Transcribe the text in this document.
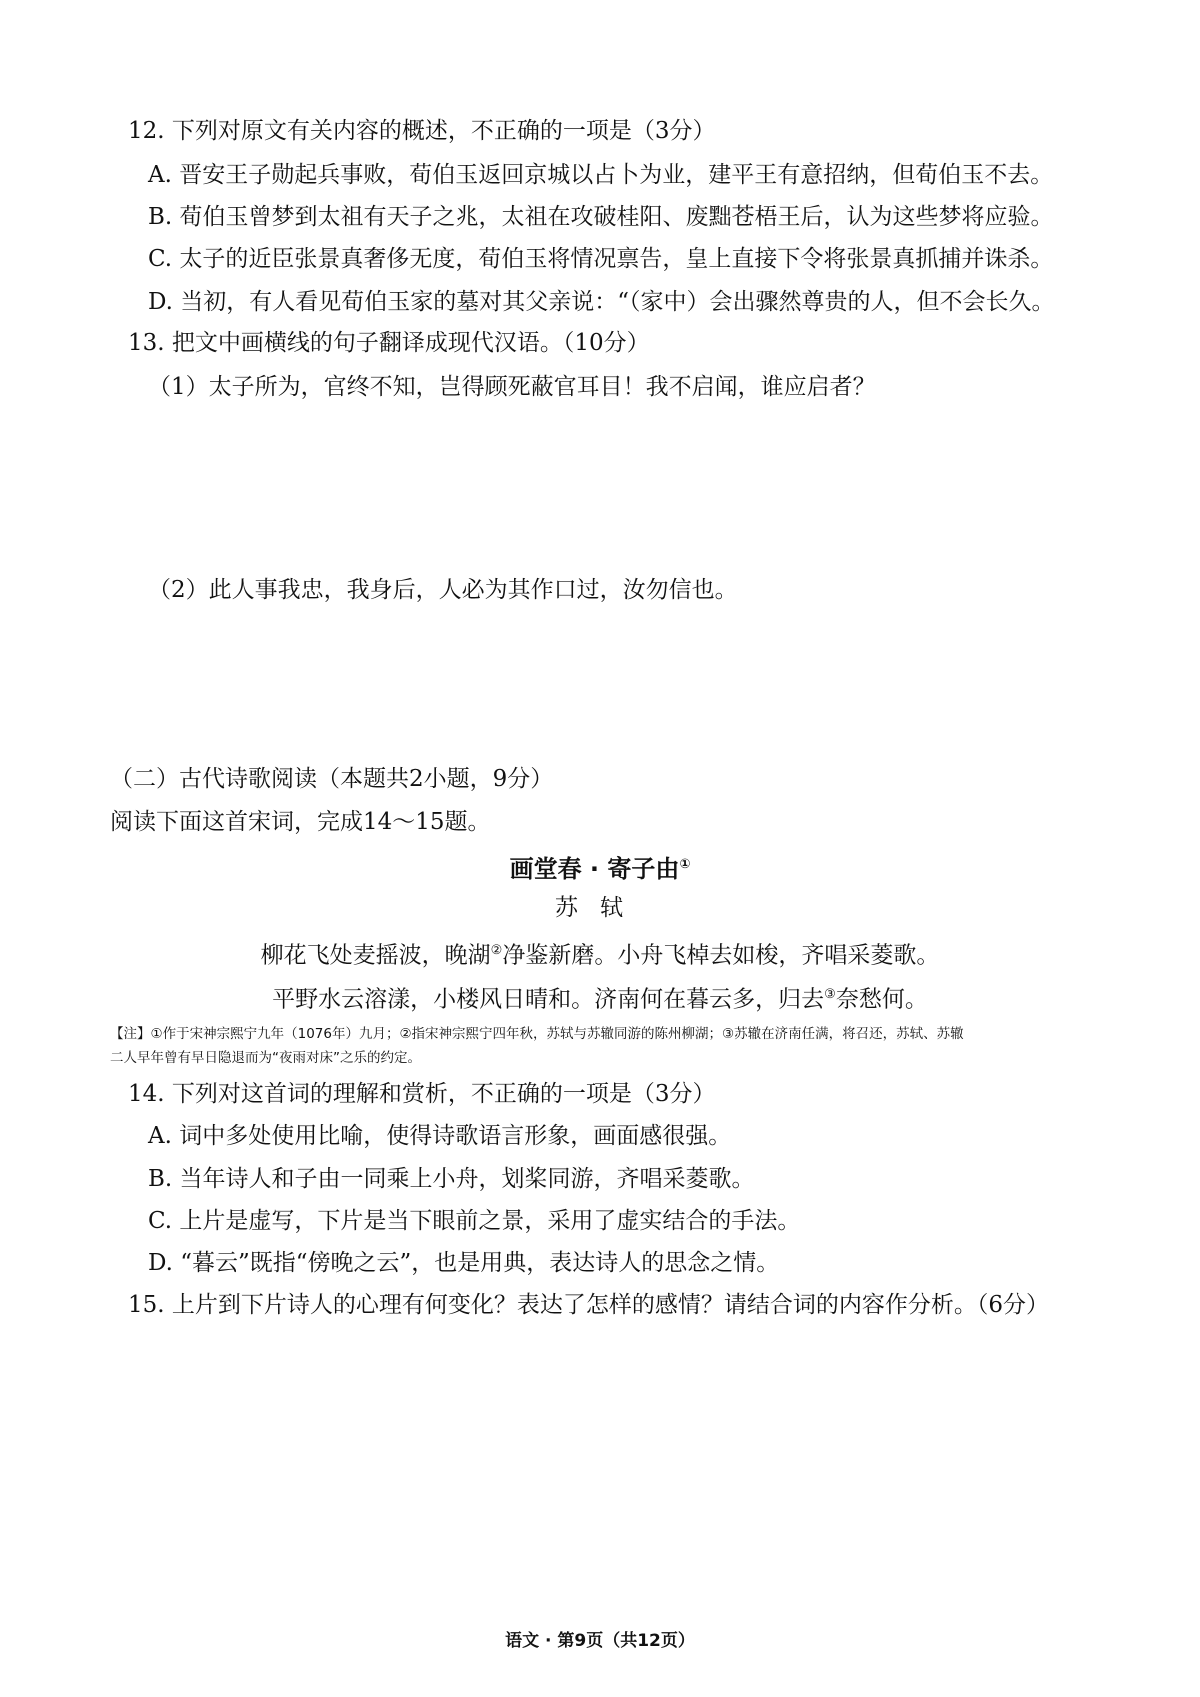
12. 下列对原文有关内容的概述，不正确的一项是（3分）
A. 晋安王子勋起兵事败，荀伯玉返回京城以占卜为业，建平王有意招纳，但荀伯玉不去。
B. 荀伯玉曾梦到太祖有天子之兆，太祖在攻破桂阳、废黜苍梧王后，认为这些梦将应验。
C. 太子的近臣张景真奢侈无度，荀伯玉将情况禀告，皇上直接下令将张景真抓捕并诛杀。
D. 当初，有人看见荀伯玉家的墓对其父亲说：“（家中）会出骤然尊贵的人，但不会长久。
13. 把文中画横线的句子翻译成现代汉语。（10分）
（1）太子所为，官终不知，岂得顾死蔽官耳目！我不启闻，谁应启者？
（2）此人事我忠，我身后，人必为其作口过，汝勿信也。
（二）古代诗歌阅读（本题共2小题，9分）
阅读下面这首宋词，完成14～15题。
画堂春 · 寄子由①
苏轼
柳花飞处麦摇波，晚湖②净鉴新磨。小舟飞棹去如梭，齐唱采菱歌。
平野水云溶漾，小楼风日晴和。济南何在暮云多，归去③奈愁何。
【注】①作于宋神宗熙宁九年（1076年）九月；②指宋神宗熙宁四年秋，苏轼与苏辙同游的陈州柳湖；③苏辙在济南任满，将召还，苏轼、苏辙
二人早年曾有早日隐退而为“夜雨对床”之乐的约定。
14. 下列对这首词的理解和赏析，不正确的一项是（3分）
A. 词中多处使用比喻，使得诗歌语言形象，画面感很强。
B. 当年诗人和子由一同乘上小舟，划桨同游，齐唱采菱歌。
C. 上片是虚写，下片是当下眼前之景，采用了虚实结合的手法。
D. “暮云”既指“傍晚之云”，也是用典，表达诗人的思念之情。
15. 上片到下片诗人的心理有何变化？表达了怎样的感情？请结合词的内容作分析。（6分）
语文 · 第9页（共12页）
